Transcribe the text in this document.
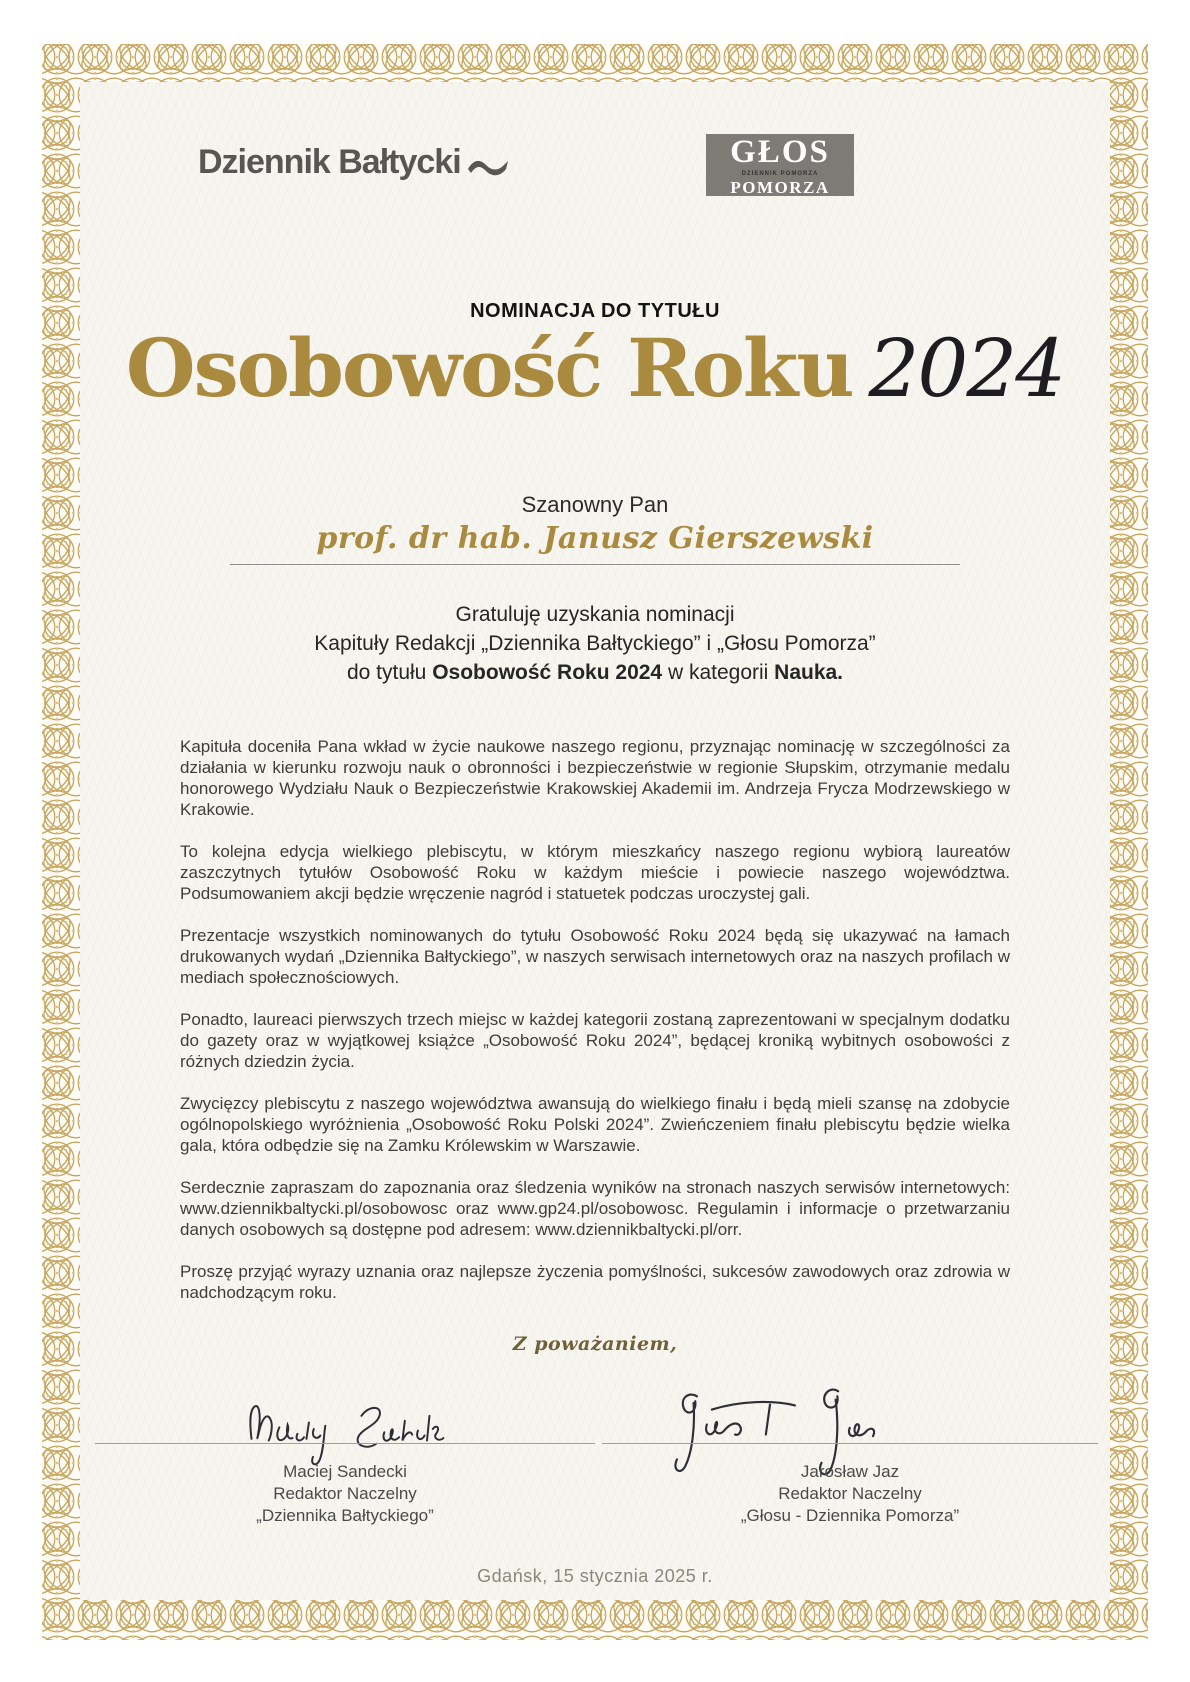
Dziennik Bałtycki	GŁOS
DZIENNIK POMORZA
POMORZA
NOMINACJA DO TYTUŁU
Osobowość Roku 2024
Szanowny Pan
prof. dr hab. Janusz Gierszewski
Gratuluję uzyskania nominacji
Kapituły Redakcji „Dziennika Bałtyckiego” i „Głosu Pomorza”
do tytułu Osobowość Roku 2024 w kategorii Nauka.

Kapituła doceniła Pana wkład w życie naukowe naszego regionu, przyznając nominację w szczególności za działania w kierunku rozwoju nauk o obronności i bezpieczeństwie w regionie Słupskim, otrzymanie medalu honorowego Wydziału Nauk o Bezpieczeństwie Krakowskiej Akademii im. Andrzeja Frycza Modrzewskiego w Krakowie.

To kolejna edycja wielkiego plebiscytu, w którym mieszkańcy naszego regionu wybiorą laureatów zaszczytnych tytułów Osobowość Roku w każdym mieście i powiecie naszego województwa. Podsumowaniem akcji będzie wręczenie nagród i statuetek podczas uroczystej gali.

Prezentacje wszystkich nominowanych do tytułu Osobowość Roku 2024 będą się ukazywać na łamach drukowanych wydań „Dziennika Bałtyckiego”, w naszych serwisach internetowych oraz na naszych profilach w mediach społecznościowych.

Ponadto, laureaci pierwszych trzech miejsc w każdej kategorii zostaną zaprezentowani w specjalnym dodatku do gazety oraz w wyjątkowej książce „Osobowość Roku 2024”, będącej kroniką wybitnych osobowości z różnych dziedzin życia.

Zwycięzcy plebiscytu z naszego województwa awansują do wielkiego finału i będą mieli szansę na zdobycie ogólnopolskiego wyróżnienia „Osobowość Roku Polski 2024”. Zwieńczeniem finału plebiscytu będzie wielka gala, która odbędzie się na Zamku Królewskim w Warszawie.

Serdecznie zapraszam do zapoznania oraz śledzenia wyników na stronach naszych serwisów internetowych: www.dziennikbaltycki.pl/osobowosc oraz www.gp24.pl/osobowosc. Regulamin i informacje o przetwarzaniu danych osobowych są dostępne pod adresem: www.dziennikbaltycki.pl/orr.

Proszę przyjąć wyrazy uznania oraz najlepsze życzenia pomyślności, sukcesów zawodowych oraz zdrowia w nadchodzącym roku.

Z poważaniem,
Maciej Sandecki
Redaktor Naczelny
„Dziennika Bałtyckiego”
Jarosław Jaz
Redaktor Naczelny
„Głosu - Dziennika Pomorza”
Gdańsk, 15 stycznia 2025 r.
